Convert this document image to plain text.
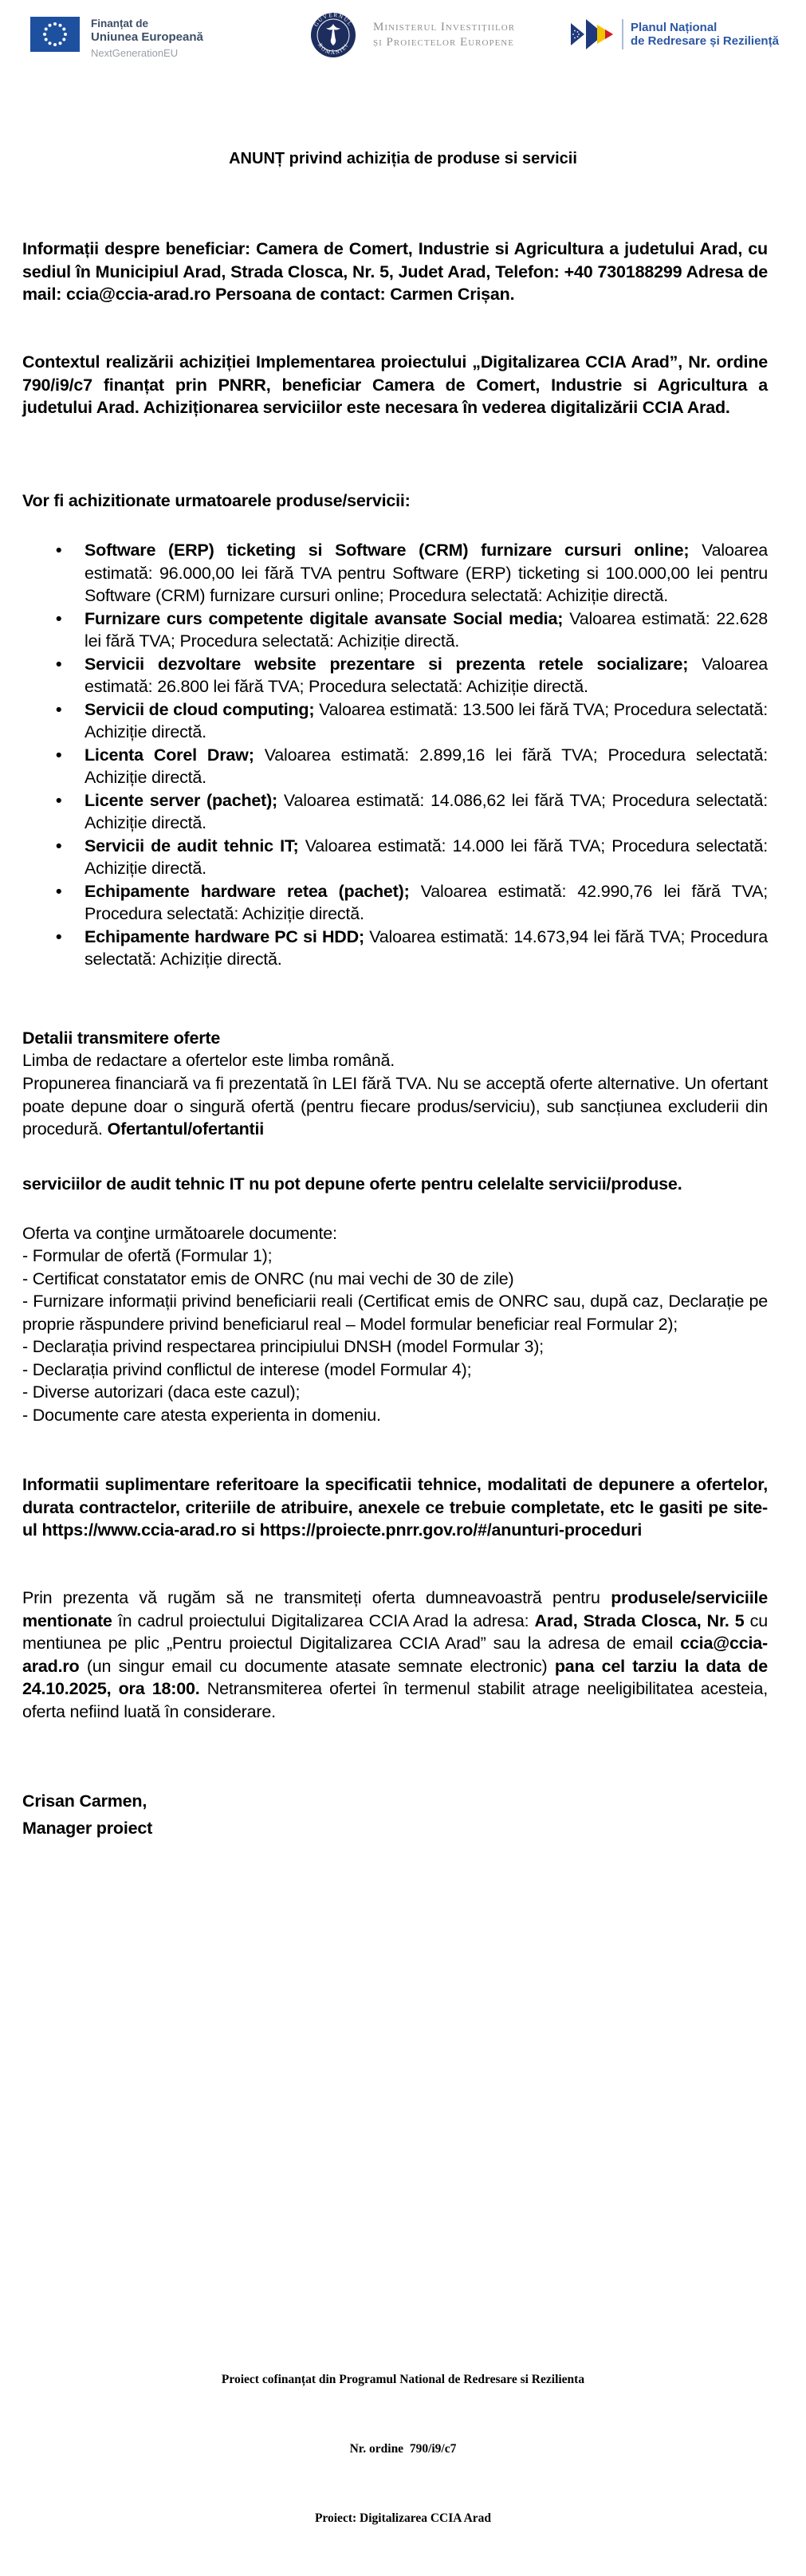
Finanțat de
Uniunea Europeană
NextGenerationEU
GUVERNUL
ROMÂNIEI
Ministerul Investițiilor
și Proiectelor Europene
Planul Național
de Redresare și Reziliență
ANUNȚ privind achiziția de produse si servicii
Informații despre beneficiar: Camera de Comert, Industrie si Agricultura a judetului Arad, cu sediul în Municipiul Arad, Strada Closca, Nr. 5, Judet Arad, Telefon: +40 730188299 Adresa de mail: ccia@ccia-arad.ro Persoana de contact: Carmen Crișan.
Contextul realizării achiziției Implementarea proiectului „Digitalizarea CCIA Arad”, Nr. ordine 790/i9/c7 finanțat prin PNRR, beneficiar Camera de Comert, Industrie si Agricultura a judetului Arad. Achiziționarea serviciilor este necesara în vederea digitalizării CCIA Arad.
Vor fi achizitionate urmatoarele produse/servicii:
• Software (ERP) ticketing si Software (CRM) furnizare cursuri online; Valoarea estimată: 96.000,00 lei fără TVA pentru Software (ERP) ticketing si 100.000,00 lei pentru Software (CRM) furnizare cursuri online; Procedura selectată: Achiziție directă.
• Furnizare curs competente digitale avansate Social media; Valoarea estimată: 22.628 lei fără TVA; Procedura selectată: Achiziție directă.
• Servicii dezvoltare website prezentare si prezenta retele socializare; Valoarea estimată: 26.800 lei fără TVA; Procedura selectată: Achiziție directă.
• Servicii de cloud computing; Valoarea estimată: 13.500 lei fără TVA; Procedura selectată: Achiziție directă.
• Licenta Corel Draw; Valoarea estimată: 2.899,16 lei fără TVA; Procedura selectată: Achiziție directă.
• Licente server (pachet); Valoarea estimată: 14.086,62 lei fără TVA; Procedura selectată: Achiziție directă.
• Servicii de audit tehnic IT; Valoarea estimată: 14.000 lei fără TVA; Procedura selectată: Achiziție directă.
• Echipamente hardware retea (pachet); Valoarea estimată: 42.990,76 lei fără TVA; Procedura selectată: Achiziție directă.
• Echipamente hardware PC si HDD; Valoarea estimată: 14.673,94 lei fără TVA; Procedura selectată: Achiziție directă.
Detalii transmitere oferte
Limba de redactare a ofertelor este limba română.
Propunerea financiară va fi prezentată în LEI fără TVA. Nu se acceptă oferte alternative. Un ofertant poate depune doar o singură ofertă (pentru fiecare produs/serviciu), sub sancțiunea excluderii din procedură. Ofertantul/ofertantii
serviciilor de audit tehnic IT nu pot depune oferte pentru celelalte servicii/produse.
Oferta va conţine următoarele documente:
- Formular de ofertă (Formular 1);
- Certificat constatator emis de ONRC (nu mai vechi de 30 de zile)
- Furnizare informații privind beneficiarii reali (Certificat emis de ONRC sau, după caz, Declarație pe proprie răspundere privind beneficiarul real – Model formular beneficiar real Formular 2);
- Declarația privind respectarea principiului DNSH (model Formular 3);
- Declarația privind conflictul de interese (model Formular 4);
- Diverse autorizari (daca este cazul);
- Documente care atesta experienta in domeniu.
Informatii suplimentare referitoare la specificatii tehnice, modalitati de depunere a ofertelor, durata contractelor, criteriile de atribuire, anexele ce trebuie completate, etc le gasiti pe site-ul https://www.ccia-arad.ro si https://proiecte.pnrr.gov.ro/#/anunturi-proceduri
Prin prezenta vă rugăm să ne transmiteți oferta dumneavoastră pentru produsele/serviciile mentionate în cadrul proiectului Digitalizarea CCIA Arad la adresa: Arad, Strada Closca, Nr. 5 cu mentiunea pe plic „Pentru proiectul Digitalizarea CCIA Arad” sau la adresa de email ccia@ccia-arad.ro (un singur email cu documente atasate semnate electronic) pana cel tarziu la data de 24.10.2025, ora 18:00. Netransmiterea ofertei în termenul stabilit atrage neeligibilitatea acesteia, oferta nefiind luată în considerare.
Crisan Carmen,
Manager proiect

Proiect cofinanțat din Programul National de Redresare si Rezilienta

Nr. ordine  790/i9/c7

Proiect: Digitalizarea CCIA Arad
